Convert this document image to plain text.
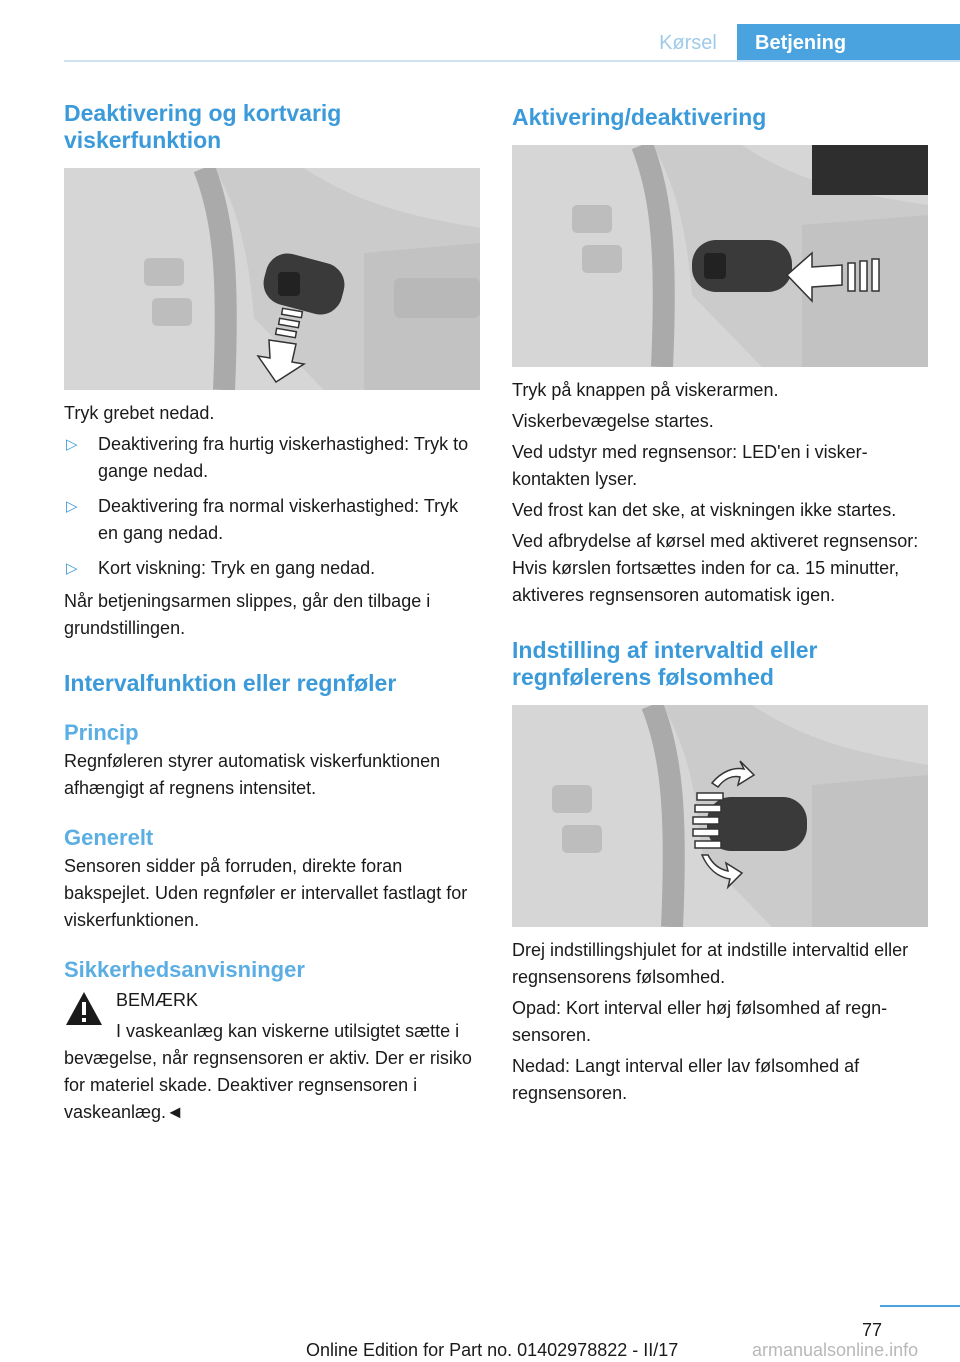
Kørsel	Betjening
Deaktivering og kortvarig viskerfunktion

Tryk grebet nedad.

▷ Deaktivering fra hurtig viskerhastighed: Tryk to gange nedad.
▷ Deaktivering fra normal viskerhastighed: Tryk en gang nedad.
▷ Kort viskning: Tryk en gang nedad.

Når betjeningsarmen slippes, går den tilbage i grundstillingen.

Intervalfunktion eller regnføler
Princip

Regnføleren styrer automatisk viskerfunktionen afhængigt af regnens intensitet.

Generelt

Sensoren sidder på forruden, direkte foran bakspejlet. Uden regnføler er intervallet fastlagt for viskerfunktionen.

Sikkerhedsanvisninger

BEMÆRK

I vaskeanlæg kan viskerne utilsigtet sætte i bevægelse, når regnsensoren er aktiv. Der er risiko for materiel skade. Deaktiver regnsensoren i vaskeanlæg.◄

Aktivering/deaktivering

Tryk på knappen på viskerarmen.

Viskerbevægelse startes.

Ved udstyr med regnsensor: LED'en i viskerkontakten lyser.

Ved frost kan det ske, at viskningen ikke startes.

Ved afbrydelse af kørsel med aktiveret regnsensor: Hvis kørslen fortsættes inden for ca. 15 minutter, aktiveres regnsensoren automatisk igen.

Indstilling af intervaltid eller regnfølerens følsomhed

Drej indstillingshjulet for at indstille intervaltid eller regnsensorens følsomhed.

Opad: Kort interval eller høj følsomhed af regnsensoren.

Nedad: Langt interval eller lav følsomhed af regnsensoren.

77
Online Edition for Part no. 01402978822 - II/17	armanualsonline.info
